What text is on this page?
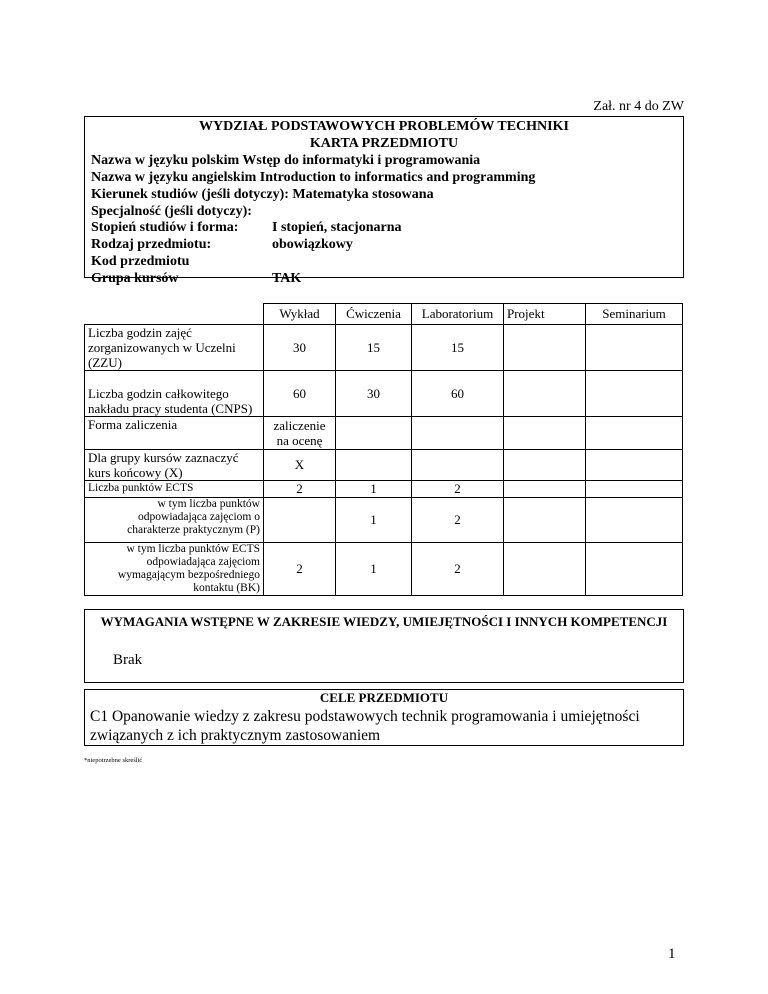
Zał. nr 4 do ZW
WYDZIAŁ PODSTAWOWYCH PROBLEMÓW TECHNIKI
KARTA PRZEDMIOTU
Nazwa w języku polskim Wstęp do informatyki i programowania
Nazwa w języku angielskim Introduction to informatics and programming
Kierunek studiów (jeśli dotyczy): Matematyka stosowana
Specjalność (jeśli dotyczy):
Stopień studiów i forma: I stopień, stacjonarna
Rodzaj przedmiotu:	obowiązkowy
Kod przedmiotu
Grupa kursów	TAK
	Wykład	Ćwiczenia	Laboratorium	Projekt	Seminarium
Liczba godzin zajęć zorganizowanych w Uczelni (ZZU)	30	15	15		
Liczba godzin całkowitego nakładu pracy studenta (CNPS)	60	30	60		
Forma zaliczenia	zaliczenie na ocenę				
Dla grupy kursów zaznaczyć kurs końcowy (X)	X				
Liczba punktów ECTS	2	1	2		
w tym liczba punktów odpowiadająca zajęciom o charakterze praktycznym (P)		1	2		
w tym liczba punktów ECTS odpowiadająca zajęciom wymagającym bezpośredniego kontaktu (BK)	2	1	2		
WYMAGANIA WSTĘPNE W ZAKRESIE WIEDZY, UMIEJĘTNOŚCI I INNYCH KOMPETENCJI
Brak
CELE PRZEDMIOTU
C1 Opanowanie wiedzy z zakresu podstawowych technik programowania i umiejętności związanych z ich praktycznym zastosowaniem
*niepotrzebne skreślić
1
